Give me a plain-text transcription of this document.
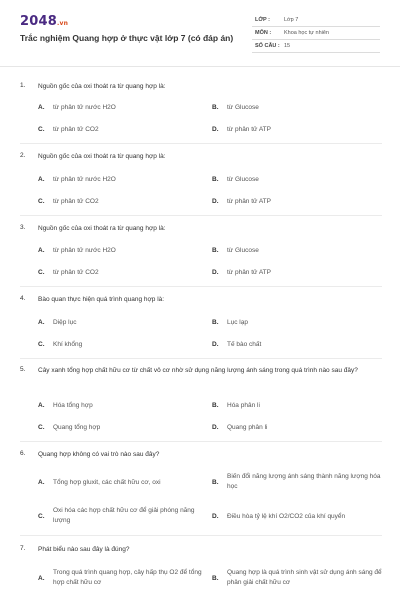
2048.vn
Trắc nghiệm Quang hợp ở thực vật lớp 7 (có đáp án)
LỚP :	Lớp 7
MÔN : Khoa học tự nhiên
SỐ CÂU : 15
1. Nguồn gốc của oxi thoát ra từ quang hợp là:
A. từ phân tử nước H2O	B. từ Glucose
C. từ phân tử CO2	D. từ phân tử ATP
2. Nguồn gốc của oxi thoát ra từ quang hợp là:
A. từ phân tử nước H2O	B. từ Glucose
C. từ phân tử CO2	D. từ phân tử ATP
3. Nguồn gốc của oxi thoát ra từ quang hợp là:
A. từ phân tử nước H2O	B. từ Glucose
C. từ phân tử CO2	D. từ phân tử ATP
4. Bào quan thực hiện quá trình quang hợp là:
A. Diệp lục	B. Lục lạp
C. Khí khổng	D. Tế bào chất
5. Cây xanh tổng hợp chất hữu cơ từ chất vô cơ nhờ sử dụng năng lượng ánh sáng trong quá trình nào sau đây?
A. Hóa tổng hợp	B. Hóa phân li
C. Quang tổng hợp	D. Quang phân li
6. Quang hợp không có vai trò nào sau đây?
A. Tổng hợp gluxit, các chất hữu cơ, oxi	B.
Biến đổi năng lượng ánh sáng thành năng lượng hóa học
C.
Oxi hóa các hợp chất hữu cơ để giải phóng năng lượng
D. Điều hòa tỷ lệ khí O2/CO2 của khí quyển
7. Phát biểu nào sau đây là đúng?
A.
Trong quá trình quang hợp, cây hấp thụ O2 để tổng hợp chất hữu cơ
B.
Quang hợp là quá trình sinh vật sử dụng ánh sáng để phân giải chất hữu cơ
